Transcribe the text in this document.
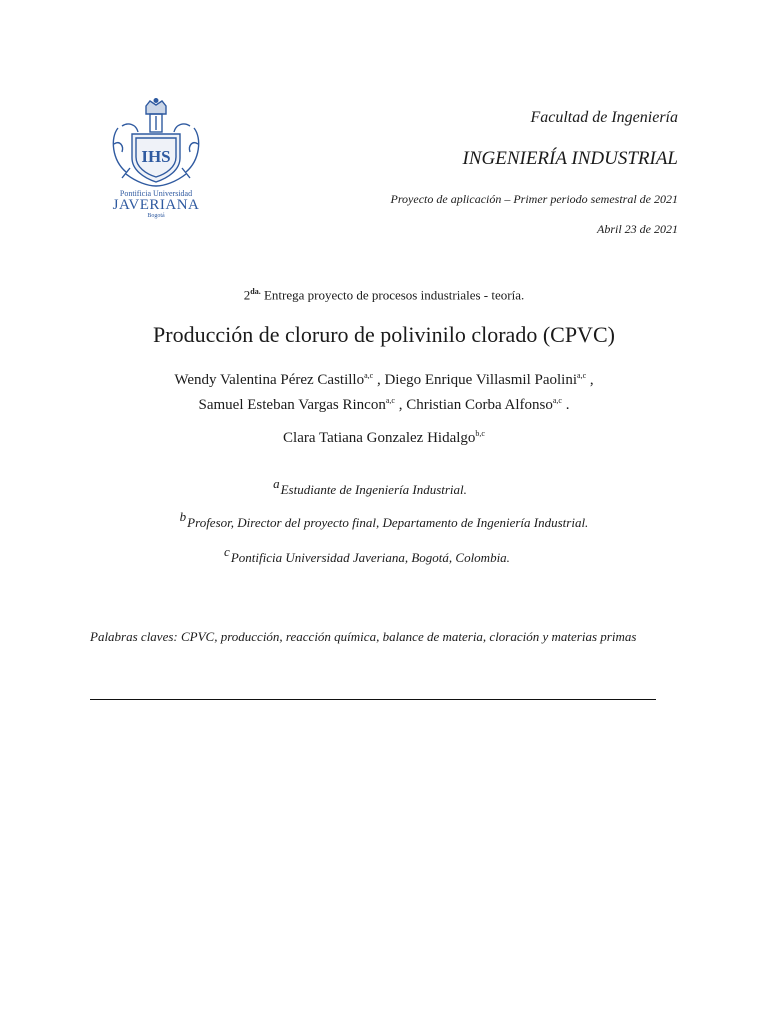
IHS
Pontificia Universidad
JAVERIANA
Bogotá
Facultad de Ingeniería
INGENIERÍA INDUSTRIAL
Proyecto de aplicación – Primer periodo semestral de 2021
Abril 23 de 2021
$2^{da.}$ Entrega proyecto de procesos industriales - teoría.
Producción de cloruro de polivinilo clorado (CPVC)
Wendy Valentina Pérez Castillo$^{a,c}$ , Diego Enrique Villasmil Paolini$^{a,c}$ ,
Samuel Esteban Vargas Rincon$^{a,c}$ , Christian Corba Alfonso$^{a,c}$ .
Clara Tatiana Gonzalez Hidalgo$^{b,c}$
aEstudiante de Ingeniería Industrial.
bProfesor, Director del proyecto final, Departamento de Ingeniería Industrial.
cPontificia Universidad Javeriana, Bogotá, Colombia.
Palabras claves: CPVC, producción, reacción química, balance de materia, cloración y materias primas
